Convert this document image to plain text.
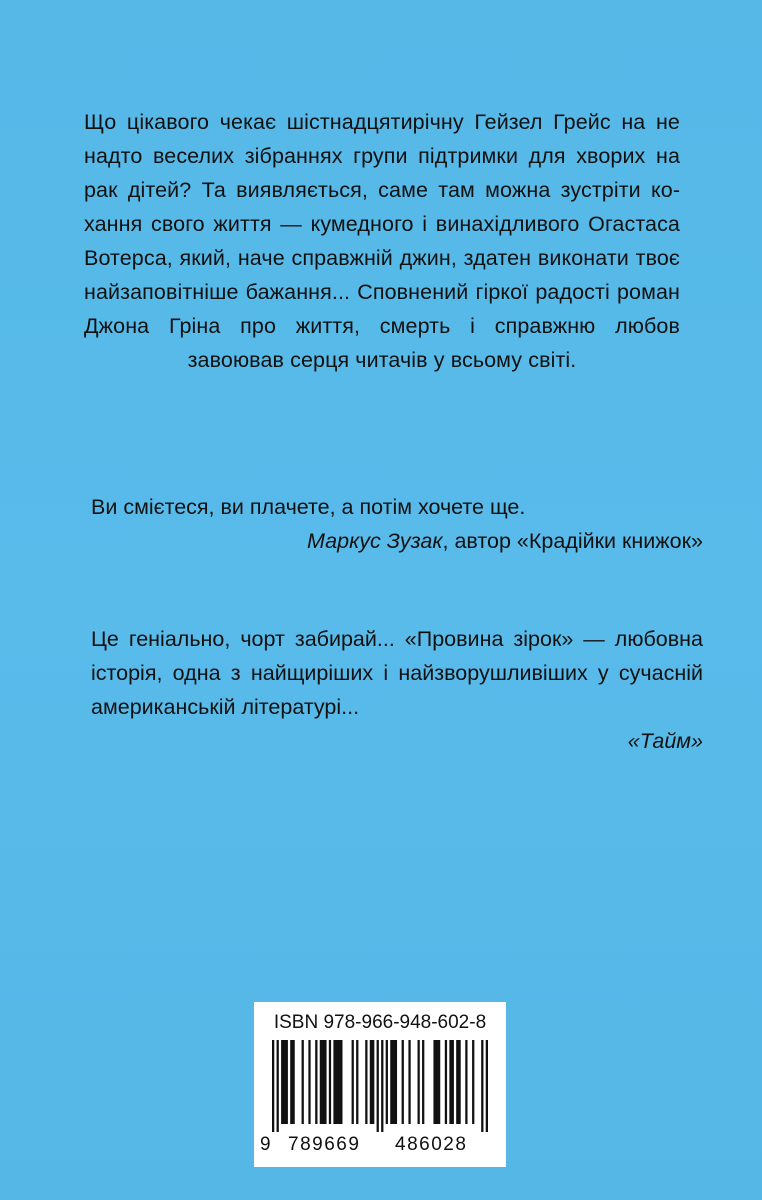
Що цікавого чекає шістнадцятирічну Гейзел Грейс на не надто веселих зібраннях групи підтримки для хворих на рак дітей? Та виявляється, саме там можна зустріти кохання свого життя — кумедного і винахідливого Огастаса Вотерса, який, наче справжній джин, здатен виконати твоє найзаповітніше бажання... Сповнений гіркої радості роман Джона Гріна про життя, смерть і справжню любов завоював серця читачів у всьому світі.

Ви смієтеся, ви плачете, а потім хочете ще.

Маркус Зузак, автор «Крадійки книжок»

Це геніально, чорт забирай... «Провина зірок» — любовна історія, одна з найщиріших і найзворушливіших у сучасній американській літературі...

«Тайм»

ISBN 978-966-948-602-8
9 789669 486028
